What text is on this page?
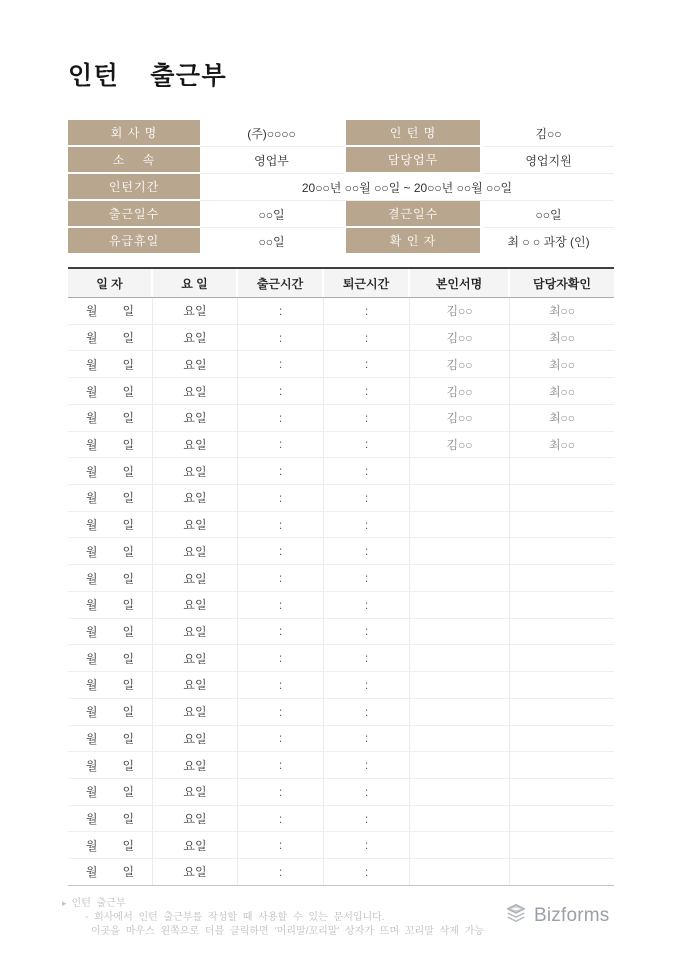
인턴  출근부
회 사 명	(주)○○○○	인 턴 명	김○○
소    속	영업부	담당업무	영업지원
인턴기간	20○○년 ○○월 ○○일 ~ 20○○년 ○○월 ○○일
출근일수	○○일	결근일수	○○일
유급휴일	○○일	확 인 자	최 ○ ○ 과장 (인)
일 자	요 일	출근시간	퇴근시간	본인서명	담당자확인
월 일	요일	:	:	김○○	최○○
월 일	요일	:	:	김○○	최○○
월 일	요일	:	:	김○○	최○○
월 일	요일	:	:	김○○	최○○
월 일	요일	:	:	김○○	최○○
월 일	요일	:	:	김○○	최○○
월 일	요일	:	:
월 일	요일	:	:
월 일	요일	:	:
월 일	요일	:	:
월 일	요일	:	:
월 일	요일	:	:
월 일	요일	:	:
월 일	요일	:	:
월 일	요일	:	:
월 일	요일	:	:
월 일	요일	:	:
월 일	요일	:	:
월 일	요일	:	:
월 일	요일	:	:
월 일	요일	:	:
월 일	요일	:	:
▸ 인턴 출근부
- 회사에서 인턴 출근부를 작성할 때 사용할 수 있는 문서입니다.
이곳을 마우스 왼쪽으로 더블 클릭하면 ‘머리말/꼬리말’ 상자가 뜨며 꼬리말 삭제 가능
Bizforms
